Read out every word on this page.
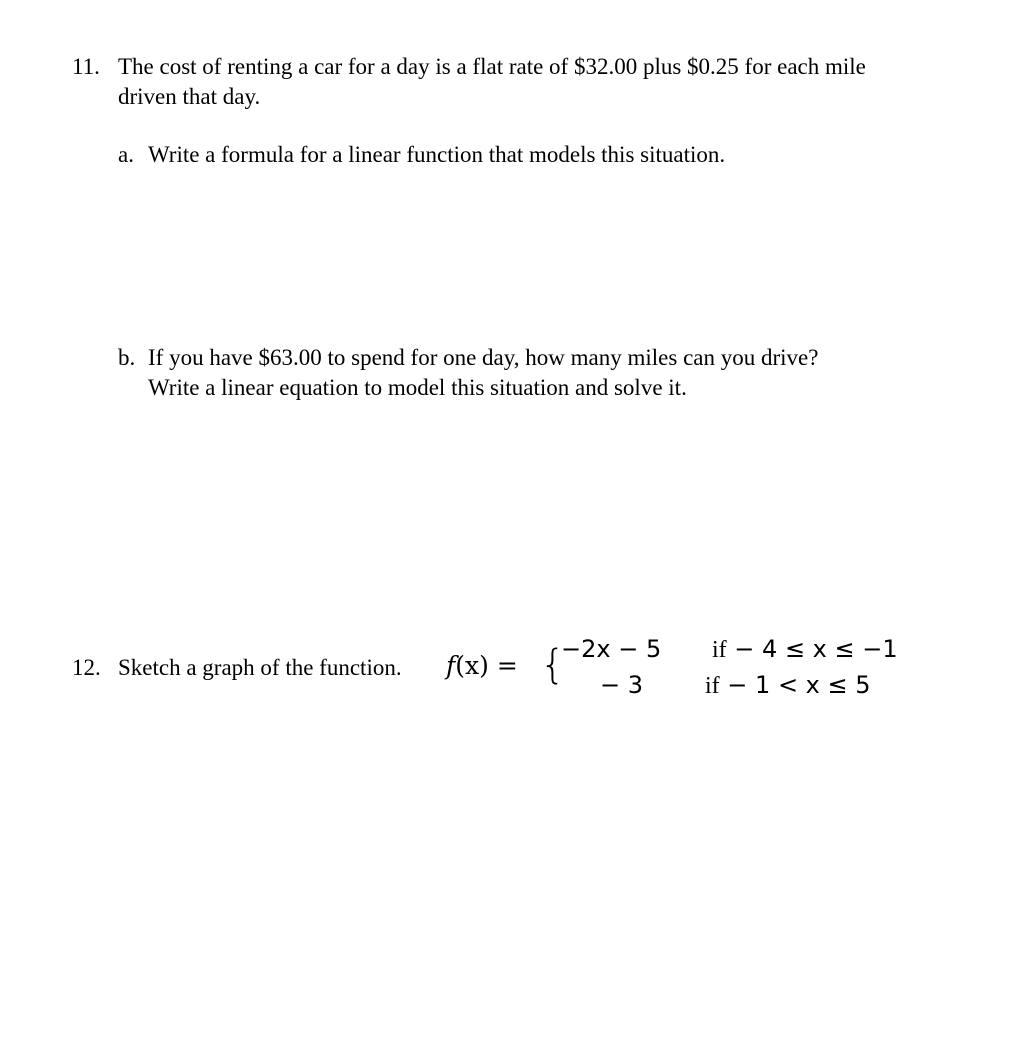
11. The cost of renting a car for a day is a flat rate of $32.00 plus $0.25 for each mile
driven that day.
a. Write a formula for a linear function that models this situation.
b. If you have $63.00 to spend for one day, how many miles can you drive?
Write a linear equation to model this situation and solve it.
12. Sketch a graph of the function. f(x) = {
−2x − 5
− 3
if − 4 ≤ x ≤ −1
if − 1 < x ≤ 5
